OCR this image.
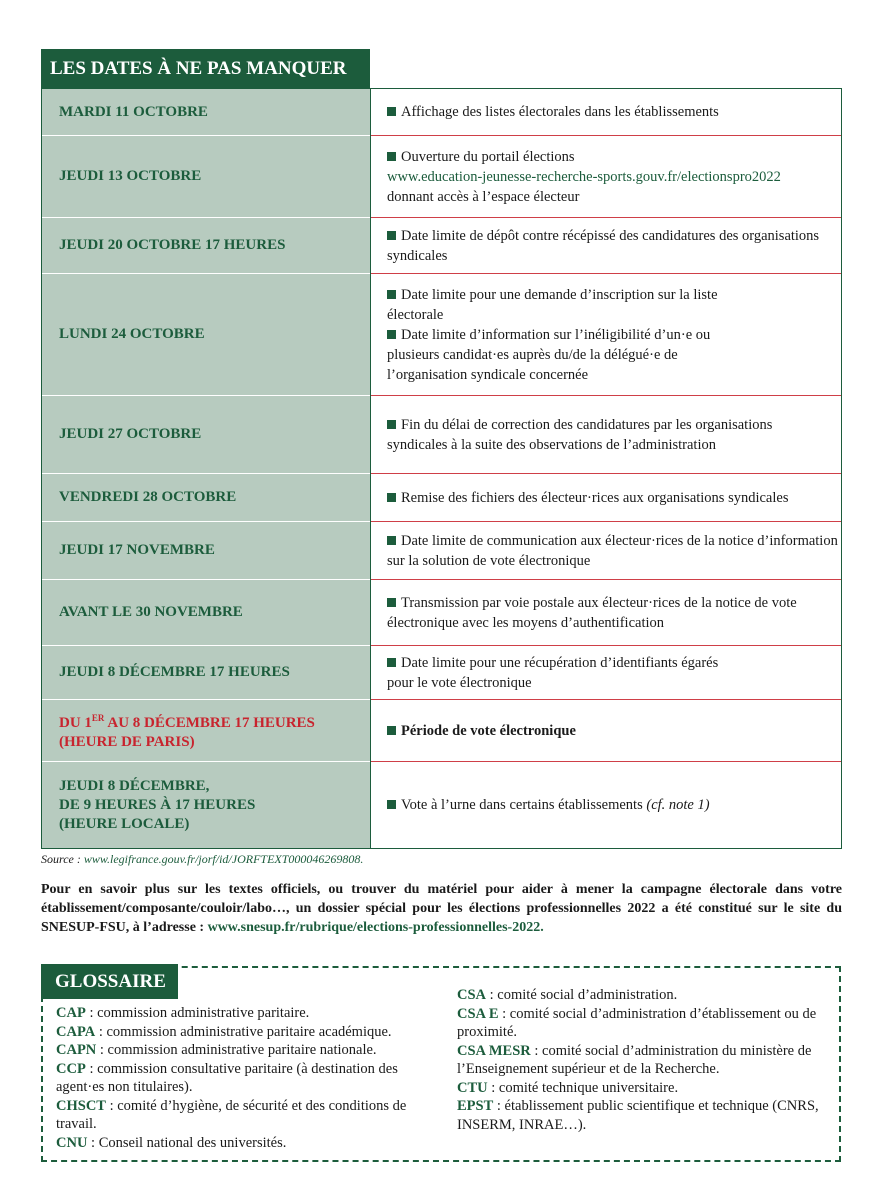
LES DATES À NE PAS MANQUER
MARDI 11 OCTOBRE	Affichage des listes électorales dans les établissements
JEUDI 13 OCTOBRE	Ouverture du portail élections
www.education-jeunesse-recherche-sports.gouv.fr/electionspro2022
donnant accès à l’espace électeur
JEUDI 20 OCTOBRE 17 HEURES	Date limite de dépôt contre récépissé des candidatures des organisations syndicales
LUNDI 24 OCTOBRE	Date limite pour une demande d’inscription sur la liste électorale
Date limite d’information sur l’inéligibilité d’un·e ou plusieurs candidat·es auprès du/de la délégué·e de l’organisation syndicale concernée
JEUDI 27 OCTOBRE	Fin du délai de correction des candidatures par les organisations syndicales à la suite des observations de l’administration
VENDREDI 28 OCTOBRE	Remise des fichiers des électeur·rices aux organisations syndicales
JEUDI 17 NOVEMBRE	Date limite de communication aux électeur·rices de la notice d’information sur la solution de vote électronique
AVANT LE 30 NOVEMBRE	Transmission par voie postale aux électeur·rices de la notice de vote électronique avec les moyens d’authentification
JEUDI 8 DÉCEMBRE 17 HEURES	Date limite pour une récupération d’identifiants égarés pour le vote électronique
DU 1ER AU 8 DÉCEMBRE 17 HEURES
(HEURE DE PARIS)	Période de vote électronique
JEUDI 8 DÉCEMBRE,
DE 9 HEURES À 17 HEURES
(HEURE LOCALE)	Vote à l’urne dans certains établissements (cf. note 1)
Source : www.legifrance.gouv.fr/jorf/id/JORFTEXT000046269808.
Pour en savoir plus sur les textes officiels, ou trouver du matériel pour aider à mener la campagne électorale dans votre établissement/composante/couloir/labo…, un dossier spécial pour les élections professionnelles 2022 a été constitué sur le site du SNESUP-FSU, à l’adresse : www.snesup.fr/rubrique/elections-professionnelles-2022.
GLOSSAIRE

CAP : commission administrative paritaire.

CAPA : commission administrative paritaire académique.

CAPN : commission administrative paritaire nationale.

CCP : commission consultative paritaire (à destination des agent·es non titulaires).

CHSCT : comité d’hygiène, de sécurité et des conditions de travail.

CNU : Conseil national des universités.

CSA : comité social d’administration.

CSA E : comité social d’administration d’établissement ou de proximité.

CSA MESR : comité social d’administration du ministère de l’Enseignement supérieur et de la Recherche.

CTU : comité technique universitaire.

EPST : établissement public scientifique et technique (CNRS, INSERM, INRAE…).
